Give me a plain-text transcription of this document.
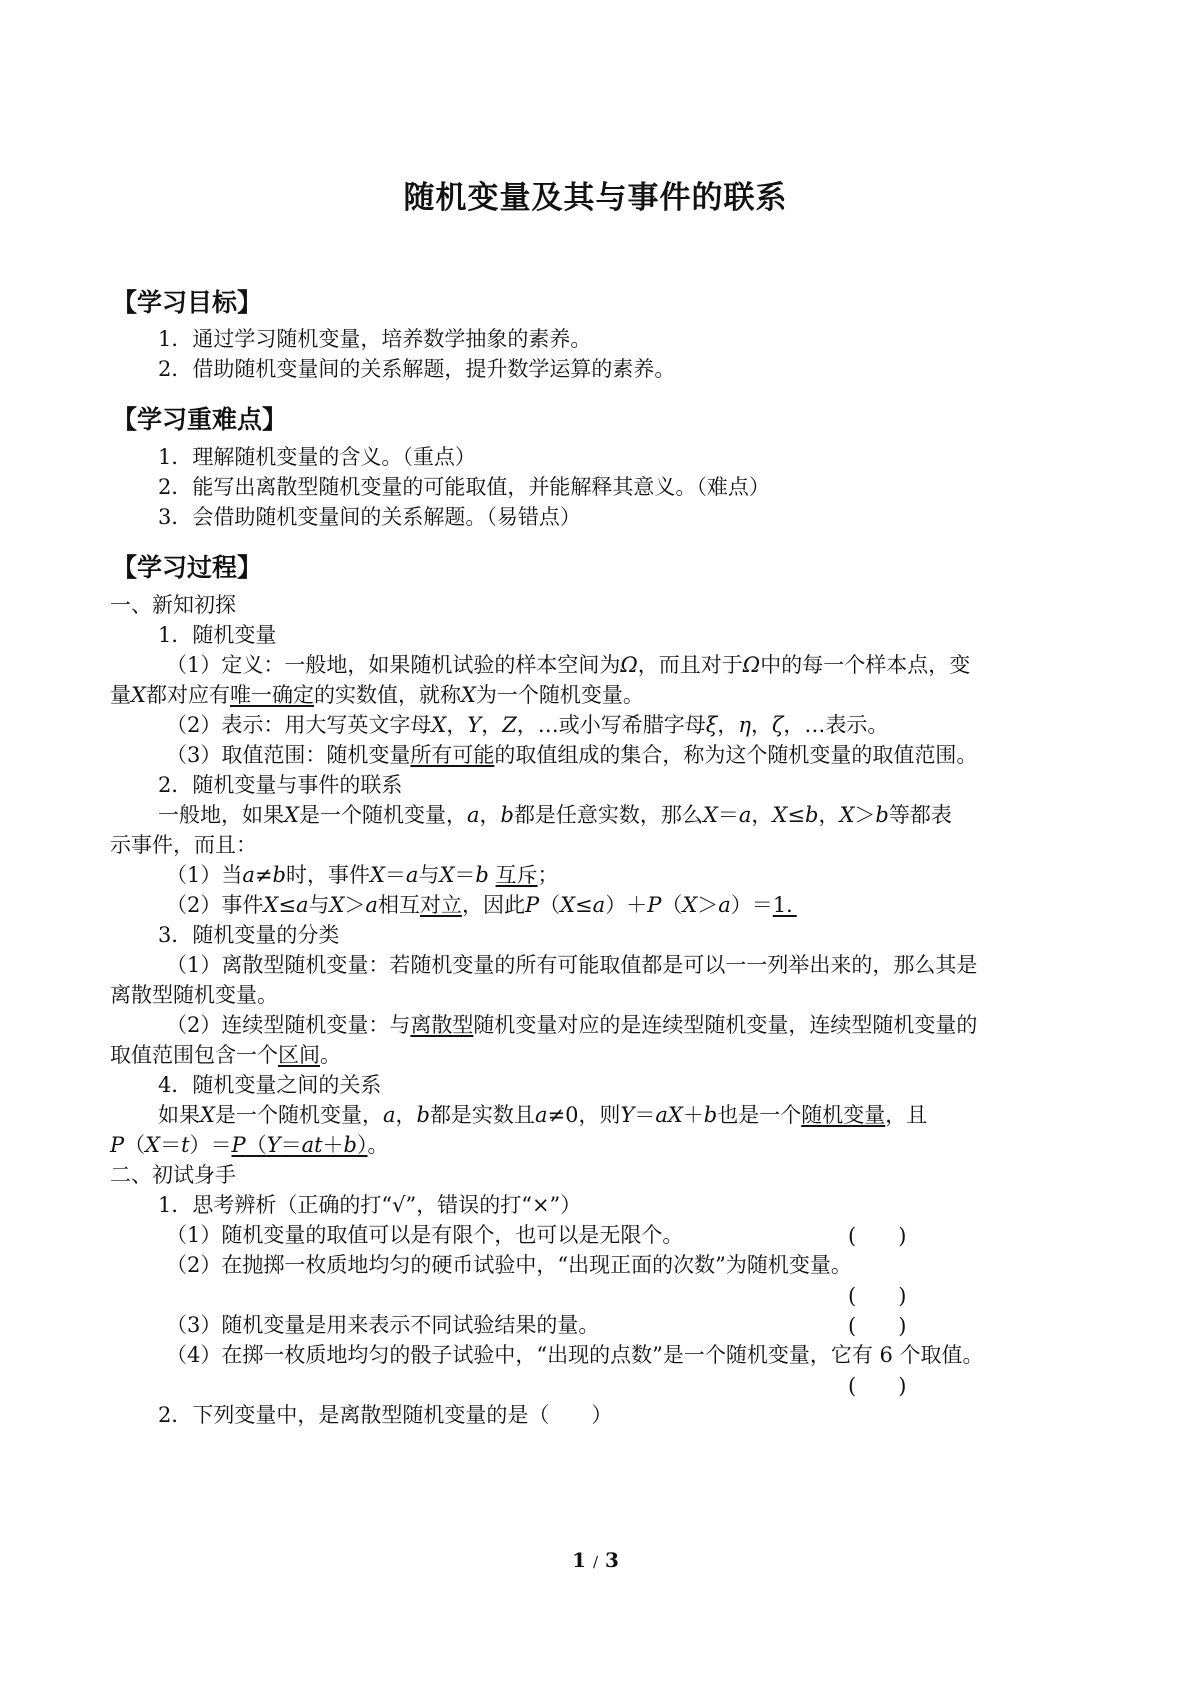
随机变量及其与事件的联系
【学习目标】
1．通过学习随机变量，培养数学抽象的素养。
2．借助随机变量间的关系解题，提升数学运算的素养。
【学习重难点】
1．理解随机变量的含义。（重点）
2．能写出离散型随机变量的可能取值，并能解释其意义。（难点）
3．会借助随机变量间的关系解题。（易错点）
【学习过程】
一、新知初探
1．随机变量
（1）定义：一般地，如果随机试验的样本空间为Ω，而且对于Ω中的每一个样本点，变
量X都对应有唯一确定的实数值，就称X为一个随机变量。
（2）表示：用大写英文字母X，Y，Z，…或小写希腊字母ξ，η，ζ，…表示。
（3）取值范围：随机变量所有可能的取值组成的集合，称为这个随机变量的取值范围。
2．随机变量与事件的联系
一般地，如果X是一个随机变量，a，b都是任意实数，那么X＝a，X≤b，X＞b等都表
示事件，而且：
（1）当a≠b时，事件X＝a与X＝b 互斥；
（2）事件X≤a与X＞a相互对立，因此P（X≤a）＋P（X＞a）＝1．　
3．随机变量的分类
（1）离散型随机变量：若随机变量的所有可能取值都是可以一一列举出来的，那么其是
离散型随机变量。
（2）连续型随机变量：与离散型随机变量对应的是连续型随机变量，连续型随机变量的
取值范围包含一个区间。
4．随机变量之间的关系
如果X是一个随机变量，a，b都是实数且a≠0，则Y＝aX＋b也是一个随机变量，且
P（X＝t）＝P（Y＝at＋b）。
二、初试身手
1．思考辨析（正确的打“√”，错误的打“×”）
（1）随机变量的取值可以是有限个，也可以是无限个。	(　　)
（2）在抛掷一枚质地均匀的硬币试验中，“出现正面的次数”为随机变量。
(　　)
（3）随机变量是用来表示不同试验结果的量。	(　　)
（4）在掷一枚质地均匀的骰子试验中，“出现的点数”是一个随机变量，它有 6 个取值。
(　　)
2．下列变量中，是离散型随机变量的是（　　）
1 / 3
